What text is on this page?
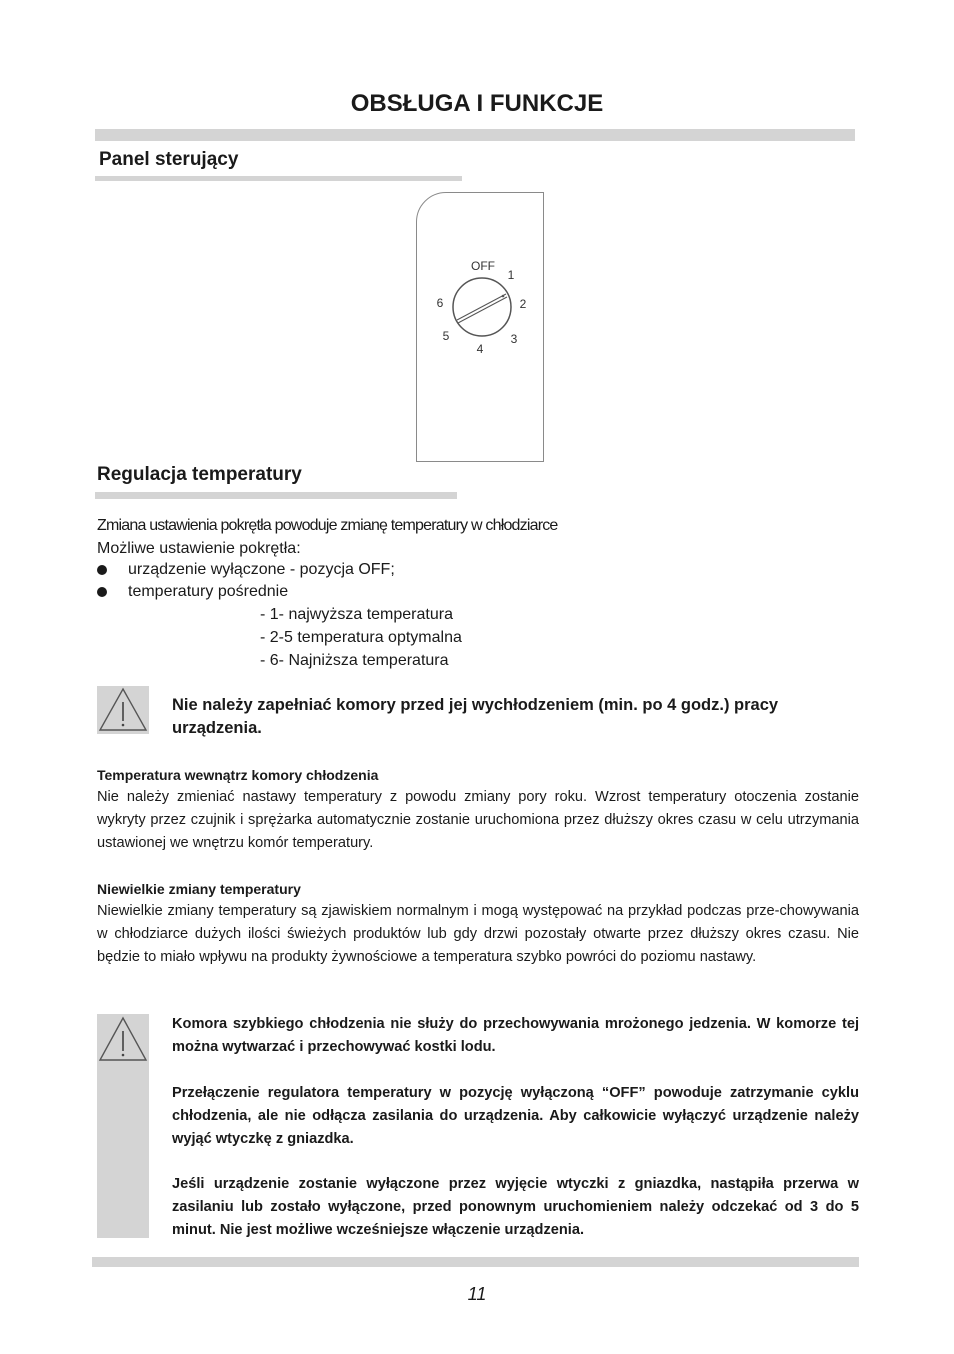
OBSŁUGA I FUNKCJE
Panel sterujący
OFF
1
2
3
4
5
6
Regulacja temperatury
Zmiana ustawienia pokrętła powoduje zmianę temperatury w chłodziarce
Możliwe ustawienie pokrętła:
urządzenie wyłączone - pozycja OFF;
temperatury pośrednie
- 1- najwyższa temperatura
- 2-5 temperatura optymalna
- 6- Najniższa temperatura
Nie należy zapełniać komory przed jej wychłodzeniem (min. po 4 godz.) pracy urządzenia.
Temperatura wewnątrz komory chłodzenia
Nie należy zmieniać nastawy temperatury z powodu zmiany pory roku. Wzrost temperatury otoczenia zostanie wykryty przez czujnik i sprężarka automatycznie zostanie uruchomiona przez dłuższy okres czasu w celu utrzymania ustawionej we wnętrzu komór temperatury.
Niewielkie zmiany temperatury
Niewielkie zmiany temperatury są zjawiskiem normalnym i mogą występować na przykład podczas prze-chowywania w chłodziarce dużych ilości świeżych produktów lub gdy drzwi pozostały otwarte przez dłuższy okres czasu. Nie będzie to miało wpływu na produkty żywnościowe a temperatura szybko powróci do poziomu nastawy.
Komora szybkiego chłodzenia nie służy do przechowywania mrożonego jedzenia. W komorze tej można wytwarzać i przechowywać kostki lodu.
Przełączenie regulatora temperatury w pozycję wyłączoną “OFF” powoduje zatrzymanie cyklu chłodzenia, ale nie odłącza zasilania do urządzenia. Aby całkowicie wyłączyć urządzenie należy wyjąć wtyczkę z gniazdka.
Jeśli urządzenie zostanie wyłączone przez wyjęcie wtyczki z gniazdka, nastąpiła przerwa w zasilaniu lub zostało wyłączone, przed ponownym uruchomieniem należy odczekać od 3 do 5 minut. Nie jest możliwe wcześniejsze włączenie urządzenia.
11
